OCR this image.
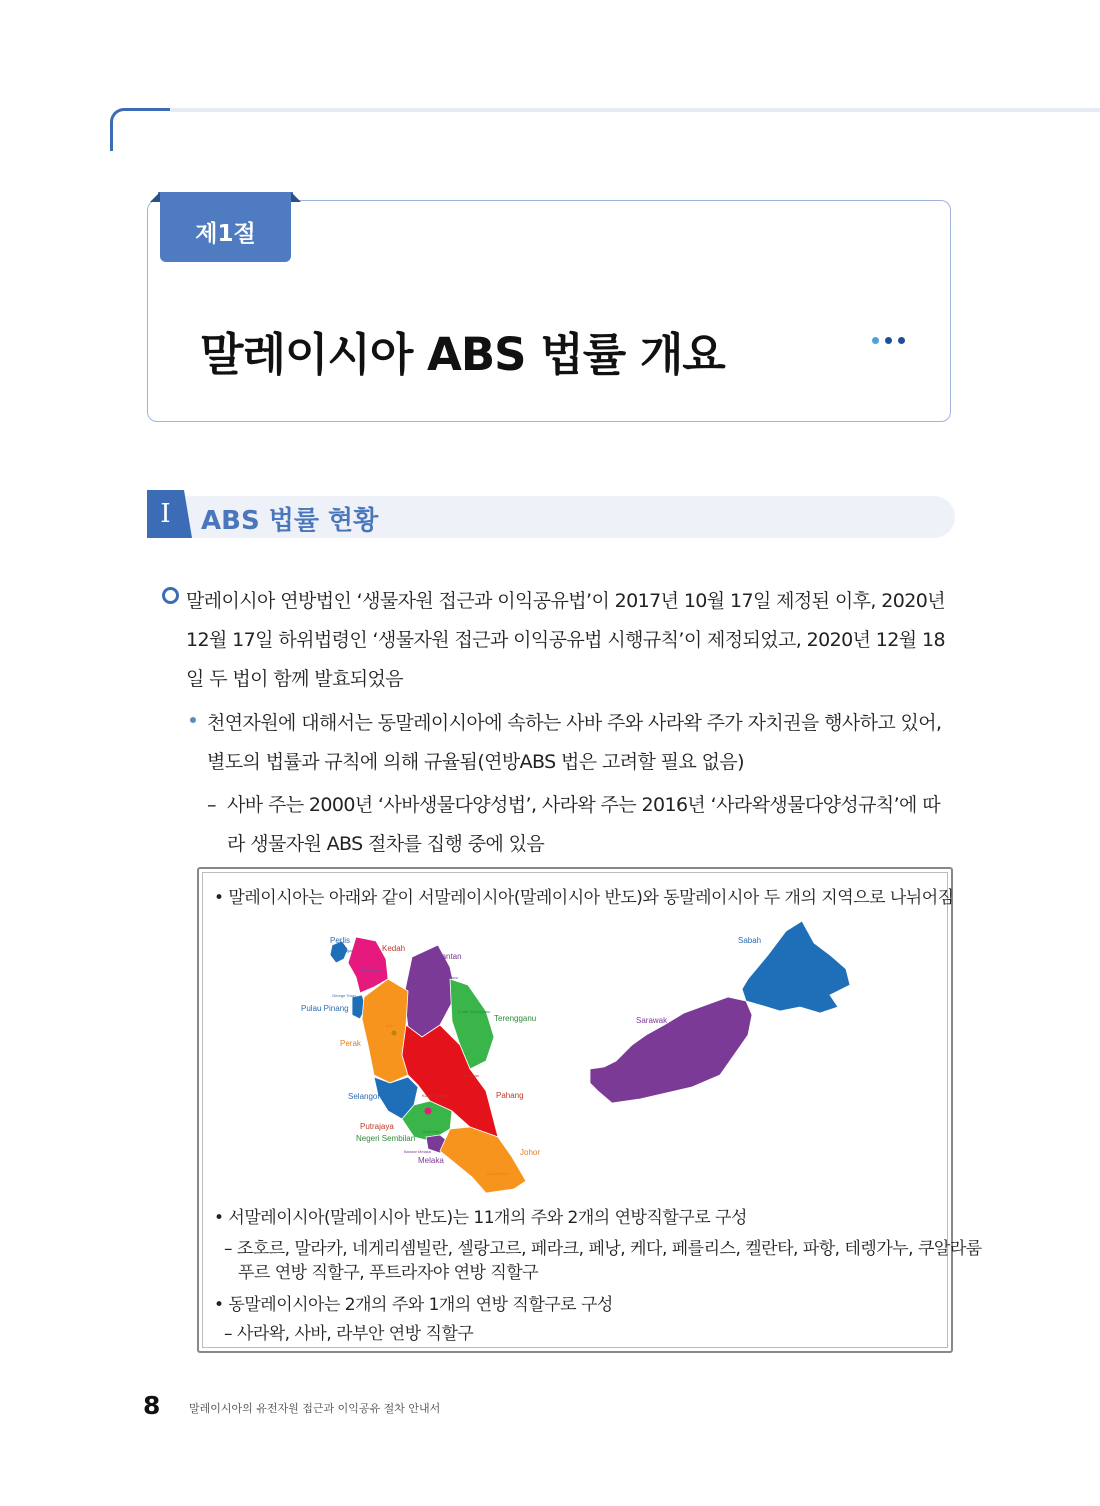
제1절
말레이시아 ABS 법률 개요
I	ABS 법률 현황
말레이시아 연방법인 ‘생물자원 접근과 이익공유법’이 2017년 10월 17일 제정된 이후, 2020년 12월 17일 하위법령인 ‘생물자원 접근과 이익공유법 시행규칙’이 제정되었고, 2020년 12월 18일 두 법이 함께 발효되었음
천연자원에 대해서는 동말레이시아에 속하는 사바 주와 사라왁 주가 자치권을 행사하고 있어, 별도의 법률과 규칙에 의해 규율됨(연방ABS 법은 고려할 필요 없음)
– 사바 주는 2000년 ‘사바생물다양성법’, 사라왁 주는 2016년 ‘사라왁생물다양성규칙’에 따라 생물자원 ABS 절차를 집행 중에 있음
• 말레이시아는 아래와 같이 서말레이시아(말레이시아 반도)와 동말레이시아 두 개의 지역으로 나뉘어짐
Perlis
Kangar	Kedah
Alor Setar
Kelantan
Kota Bharu
George Town
Pulau Pinang	Kuala Terengganu
Terengganu
Ipoh
Perak
Kuantan
Selangor
Shah Alam
Kuala Lumpur	Pahang
Putrajaya
Seremban
Negeri Sembilan
Bandar Melaka
Melaka
Johor
Johor Bahru
Sabah
Kota Kinabalu
Sarawak
Kuching
• 서말레이시아(말레이시아 반도)는 11개의 주와 2개의 연방직할구로 구성
– 조호르, 말라카, 네게리셈빌란, 셀랑고르, 페라크, 페낭, 케다, 페를리스, 켈란타, 파항, 테렝가누, 쿠알라룸
푸르 연방 직할구, 푸트라자야 연방 직할구
• 동말레이시아는 2개의 주와 1개의 연방 직할구로 구성
– 사라왁, 사바, 라부안 연방 직할구
8	말레이시아의 유전자원 접근과 이익공유 절차 안내서
